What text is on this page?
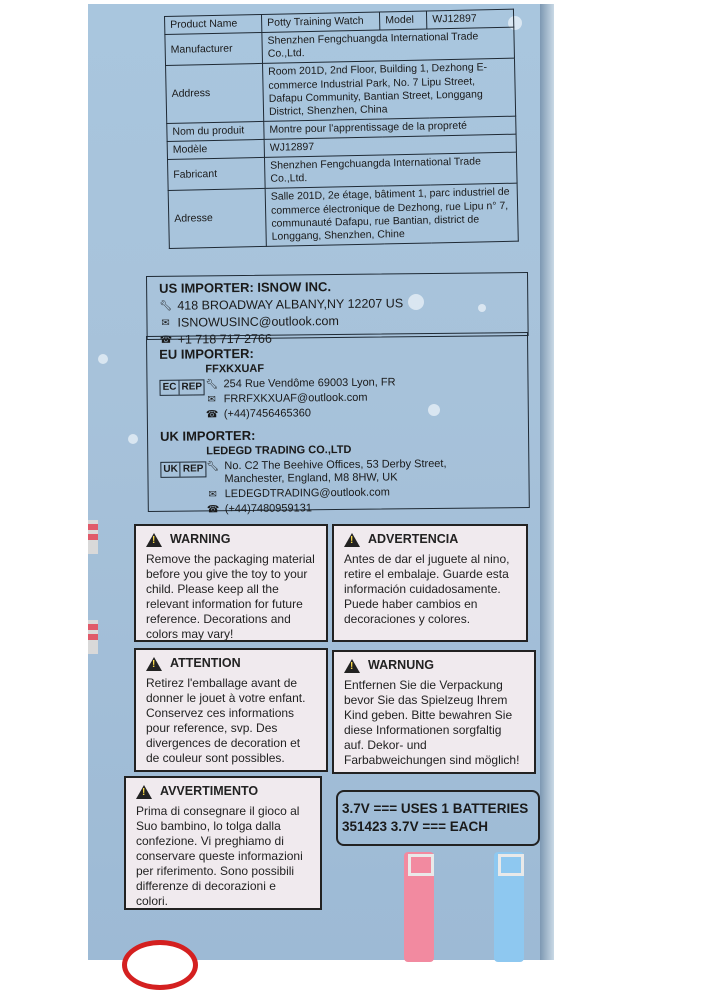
Product Name	Potty Training Watch	Model	WJ12897
Manufacturer	Shenzhen Fengchuangda International Trade Co.,Ltd.		
Address	Room 201D, 2nd Floor, Building 1, Dezhong E-commerce Industrial Park, No. 7 Lipu Street, Dafapu Community, Bantian Street, Longgang District, Shenzhen, China		
Nom du produit	Montre pour l'apprentissage de la propreté		
Modèle	WJ12897		
Fabricant	Shenzhen Fengchuangda International Trade Co.,Ltd.		
Adresse	Salle 201D, 2e étage, bâtiment 1, parc industriel de commerce électronique de Dezhong, rue Lipu n° 7, communauté Dafapu, rue Bantian, district de Longgang, Shenzhen, Chine		
US IMPORTER: ISNOW INC.
🔧︎ 418 BROADWAY ALBANY,NY 12207 US
✉ ISNOWUSINC@outlook.com
☎ +1 718 717 2766
EU IMPORTER:
FFXKXUAF
EC REP 🔧︎ 254 Rue Vendôme 69003 Lyon, FR
✉ FRRFXKXUAF@outlook.com
☎ (+44)7456465360
UK IMPORTER:
LEDEGD TRADING CO.,LTD
UK REP 🔧︎ No. C2 The Beehive Offices, 53 Derby Street,
Manchester, England, M8 8HW, UK
✉ LEDEGDTRADING@outlook.com
☎ (+44)7480959131
!
WARNING
Remove the packaging material before you give the toy to your child. Please keep all the relevant information for future reference. Decorations and colors may vary!
!
ADVERTENCIA
Antes de dar el juguete al nino, retire el embalaje. Guarde esta información cuidadosamente. Puede haber cambios en decoraciones y colores.
!
ATTENTION
Retirez l'emballage avant de donner le jouet à votre enfant. Conservez ces informations pour reference, svp. Des divergences de decoration et de couleur sont possibles.
!
WARNUNG
Entfernen Sie die Verpackung bevor Sie das Spielzeug Ihrem Kind geben. Bitte bewahren Sie diese Informationen sorgfaltig auf. Dekor- und Farbabweichungen sind möglich!
!
AVVERTIMENTO
Prima di consegnare il gioco al Suo bambino, lo tolga dalla confezione. Vi preghiamo di conservare queste informazioni per riferimento. Sono possibili differenze di decorazioni e colori.
3.7V === USES 1 BATTERIES
351423 3.7V === EACH
